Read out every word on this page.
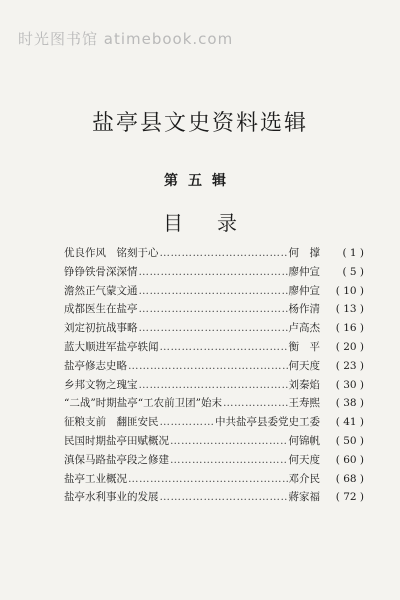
时光图书馆 atimebook.com
盐亭县文史资料选辑
第五辑
目录
优良作风　铭刻于心 ……………………………………………………………………………………………………	何　撑	( 1 )
铮铮铁骨深深情 ……………………………………………………………………………………………………	廖仲宣	( 5 )
澹然正气蒙文通 ……………………………………………………………………………………………………	廖仲宣	( 10 )
成都医生在盐亭 ……………………………………………………………………………………………………	杨作清	( 13 )
刘定初抗战事略 ……………………………………………………………………………………………………	卢高杰	( 16 )
蓝大顺进军盐亭轶闻 ……………………………………………………………………………………………………	衡　平	( 20 )
盐亭修志史略 ……………………………………………………………………………………………………	何天度	( 23 )
乡邦文物之瑰宝 ……………………………………………………………………………………………………	刘秦焰	( 30 )
“二战”时期盐亭“工农前卫团”始末 ……………………………………………………………………………………………………	王寿熙	( 38 )
征粮支前　翻匪安民 ……………………………………………………………………………………………………	中共盐亭县委党史工委	( 41 )
民国时期盐亭田赋概况 ……………………………………………………………………………………………………	何锦帆	( 50 )
滇保马路盐亭段之修建 ……………………………………………………………………………………………………	何天度	( 60 )
盐亭工业概况 ……………………………………………………………………………………………………	邓介民	( 68 )
盐亭水利事业的发展 ……………………………………………………………………………………………………	蔣家福	( 72 )
